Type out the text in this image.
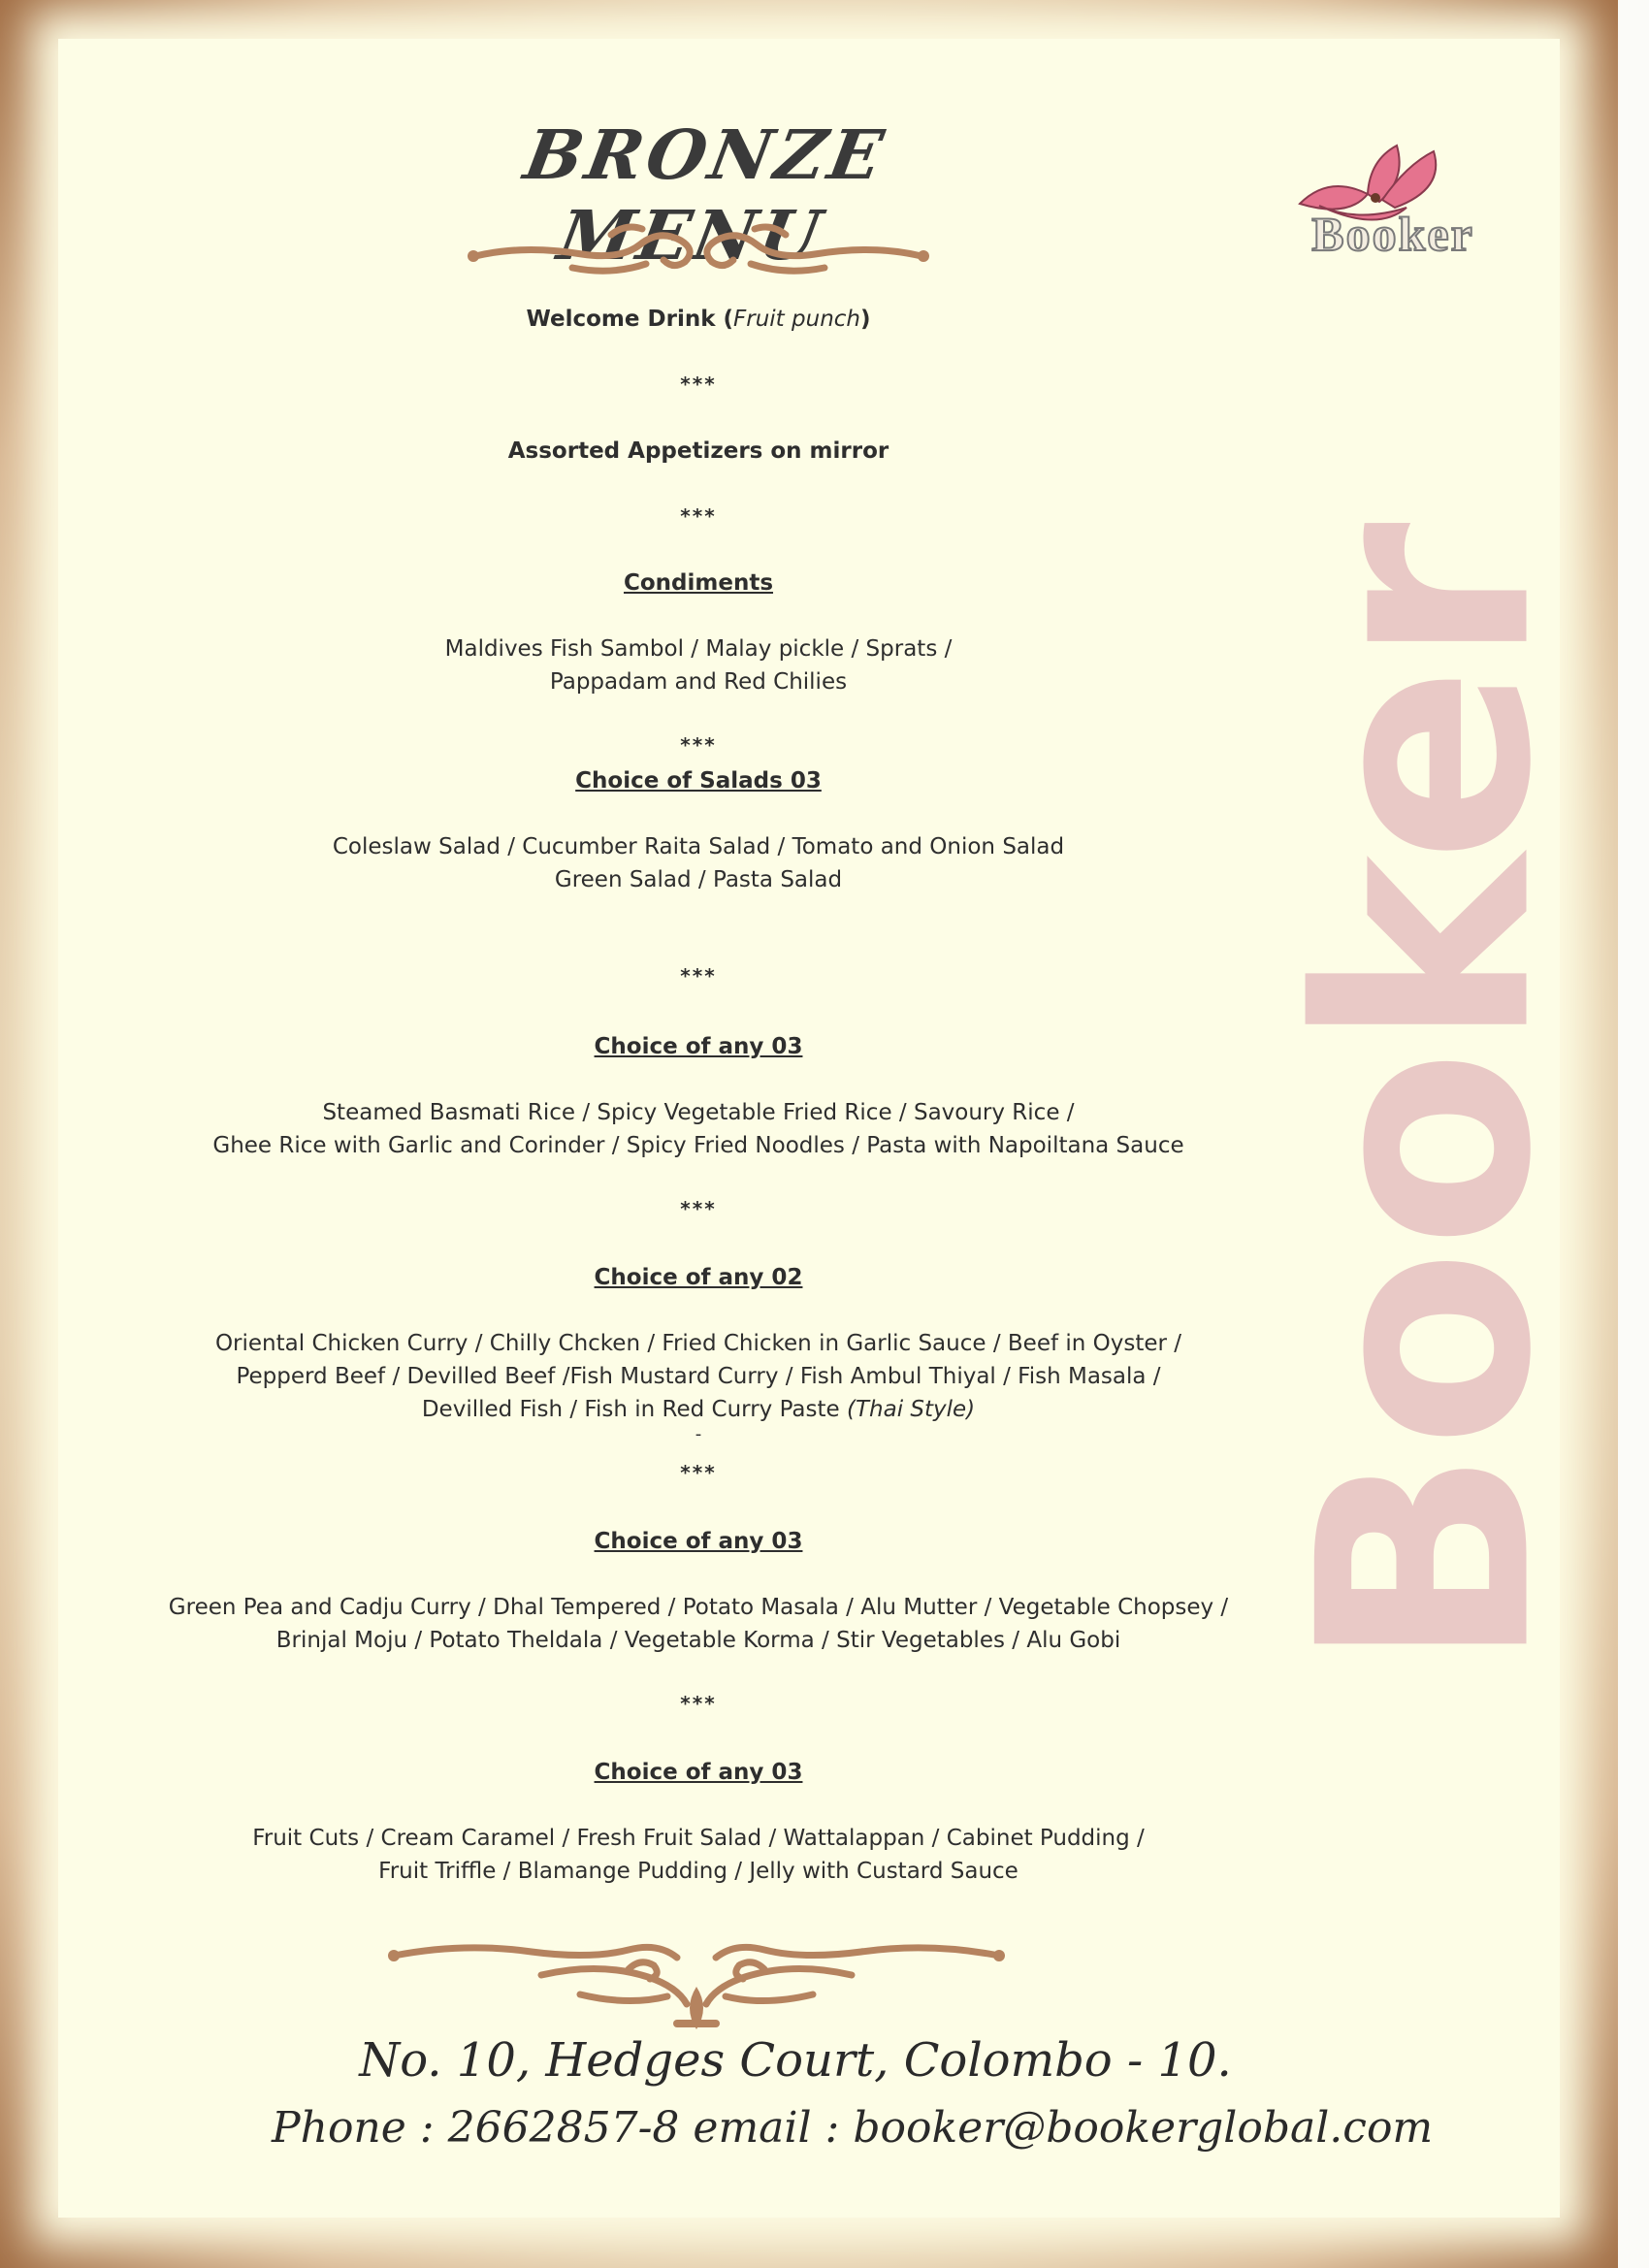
BRONZE MENU	Booker
Booker
Welcome Drink (Fruit punch)
***
Assorted Appetizers on mirror
***
Condiments
Maldives Fish Sambol / Malay pickle / Sprats /
Pappadam and Red Chilies
***
Choice of Salads 03
Coleslaw Salad / Cucumber Raita Salad / Tomato and Onion Salad
Green Salad / Pasta Salad
***
Choice of any 03
Steamed Basmati Rice / Spicy Vegetable Fried Rice / Savoury Rice /
Ghee Rice with Garlic and Corinder / Spicy Fried Noodles / Pasta with Napoiltana Sauce
***
Choice of any 02
Oriental Chicken Curry / Chilly Chcken / Fried Chicken in Garlic Sauce / Beef in Oyster /
Pepperd Beef / Devilled Beef /Fish Mustard Curry / Fish Ambul Thiyal / Fish Masala /
Devilled Fish / Fish in Red Curry Paste (Thai Style)
-
***
Choice of any 03
Green Pea and Cadju Curry / Dhal Tempered / Potato Masala / Alu Mutter / Vegetable Chopsey /
Brinjal Moju / Potato Theldala / Vegetable Korma / Stir Vegetables / Alu Gobi
***
Choice of any 03
Fruit Cuts / Cream Caramel / Fresh Fruit Salad / Wattalappan / Cabinet Pudding /
Fruit Triffle / Blamange Pudding / Jelly with Custard Sauce
No. 10, Hedges Court, Colombo - 10.
Phone : 2662857-8 email : booker@bookerglobal.com
